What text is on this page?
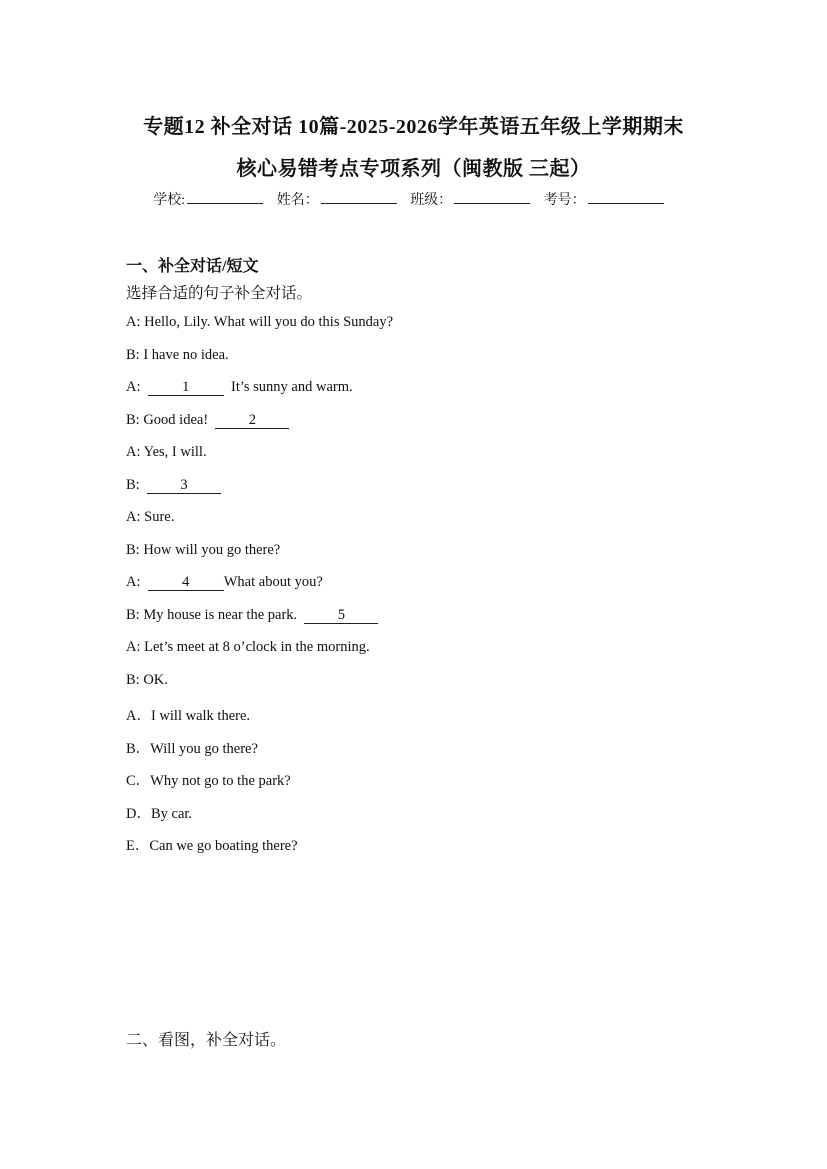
专题12 补全对话 10篇-2025-2026学年英语五年级上学期期末
核心易错考点专项系列（闽教版 三起）
学校:	姓名：	班级：	考号：
一、补全对话/短文
选择合适的句子补全对话。
A: Hello, Lily. What will you do this Sunday?
B: I have no idea.
A:  1  It’s sunny and warm.
B: Good idea!  2
A: Yes, I will.
B:  3
A: Sure.
B: How will you go there?
A:  4 What about you?
B: My house is near the park.  5
A: Let’s meet at 8 o’clock in the morning.
B: OK.
A．I will walk there.
B．Will you go there?
C．Why not go to the park?
D．By car.
E．Can we go boating there?
二、看图，补全对话。
